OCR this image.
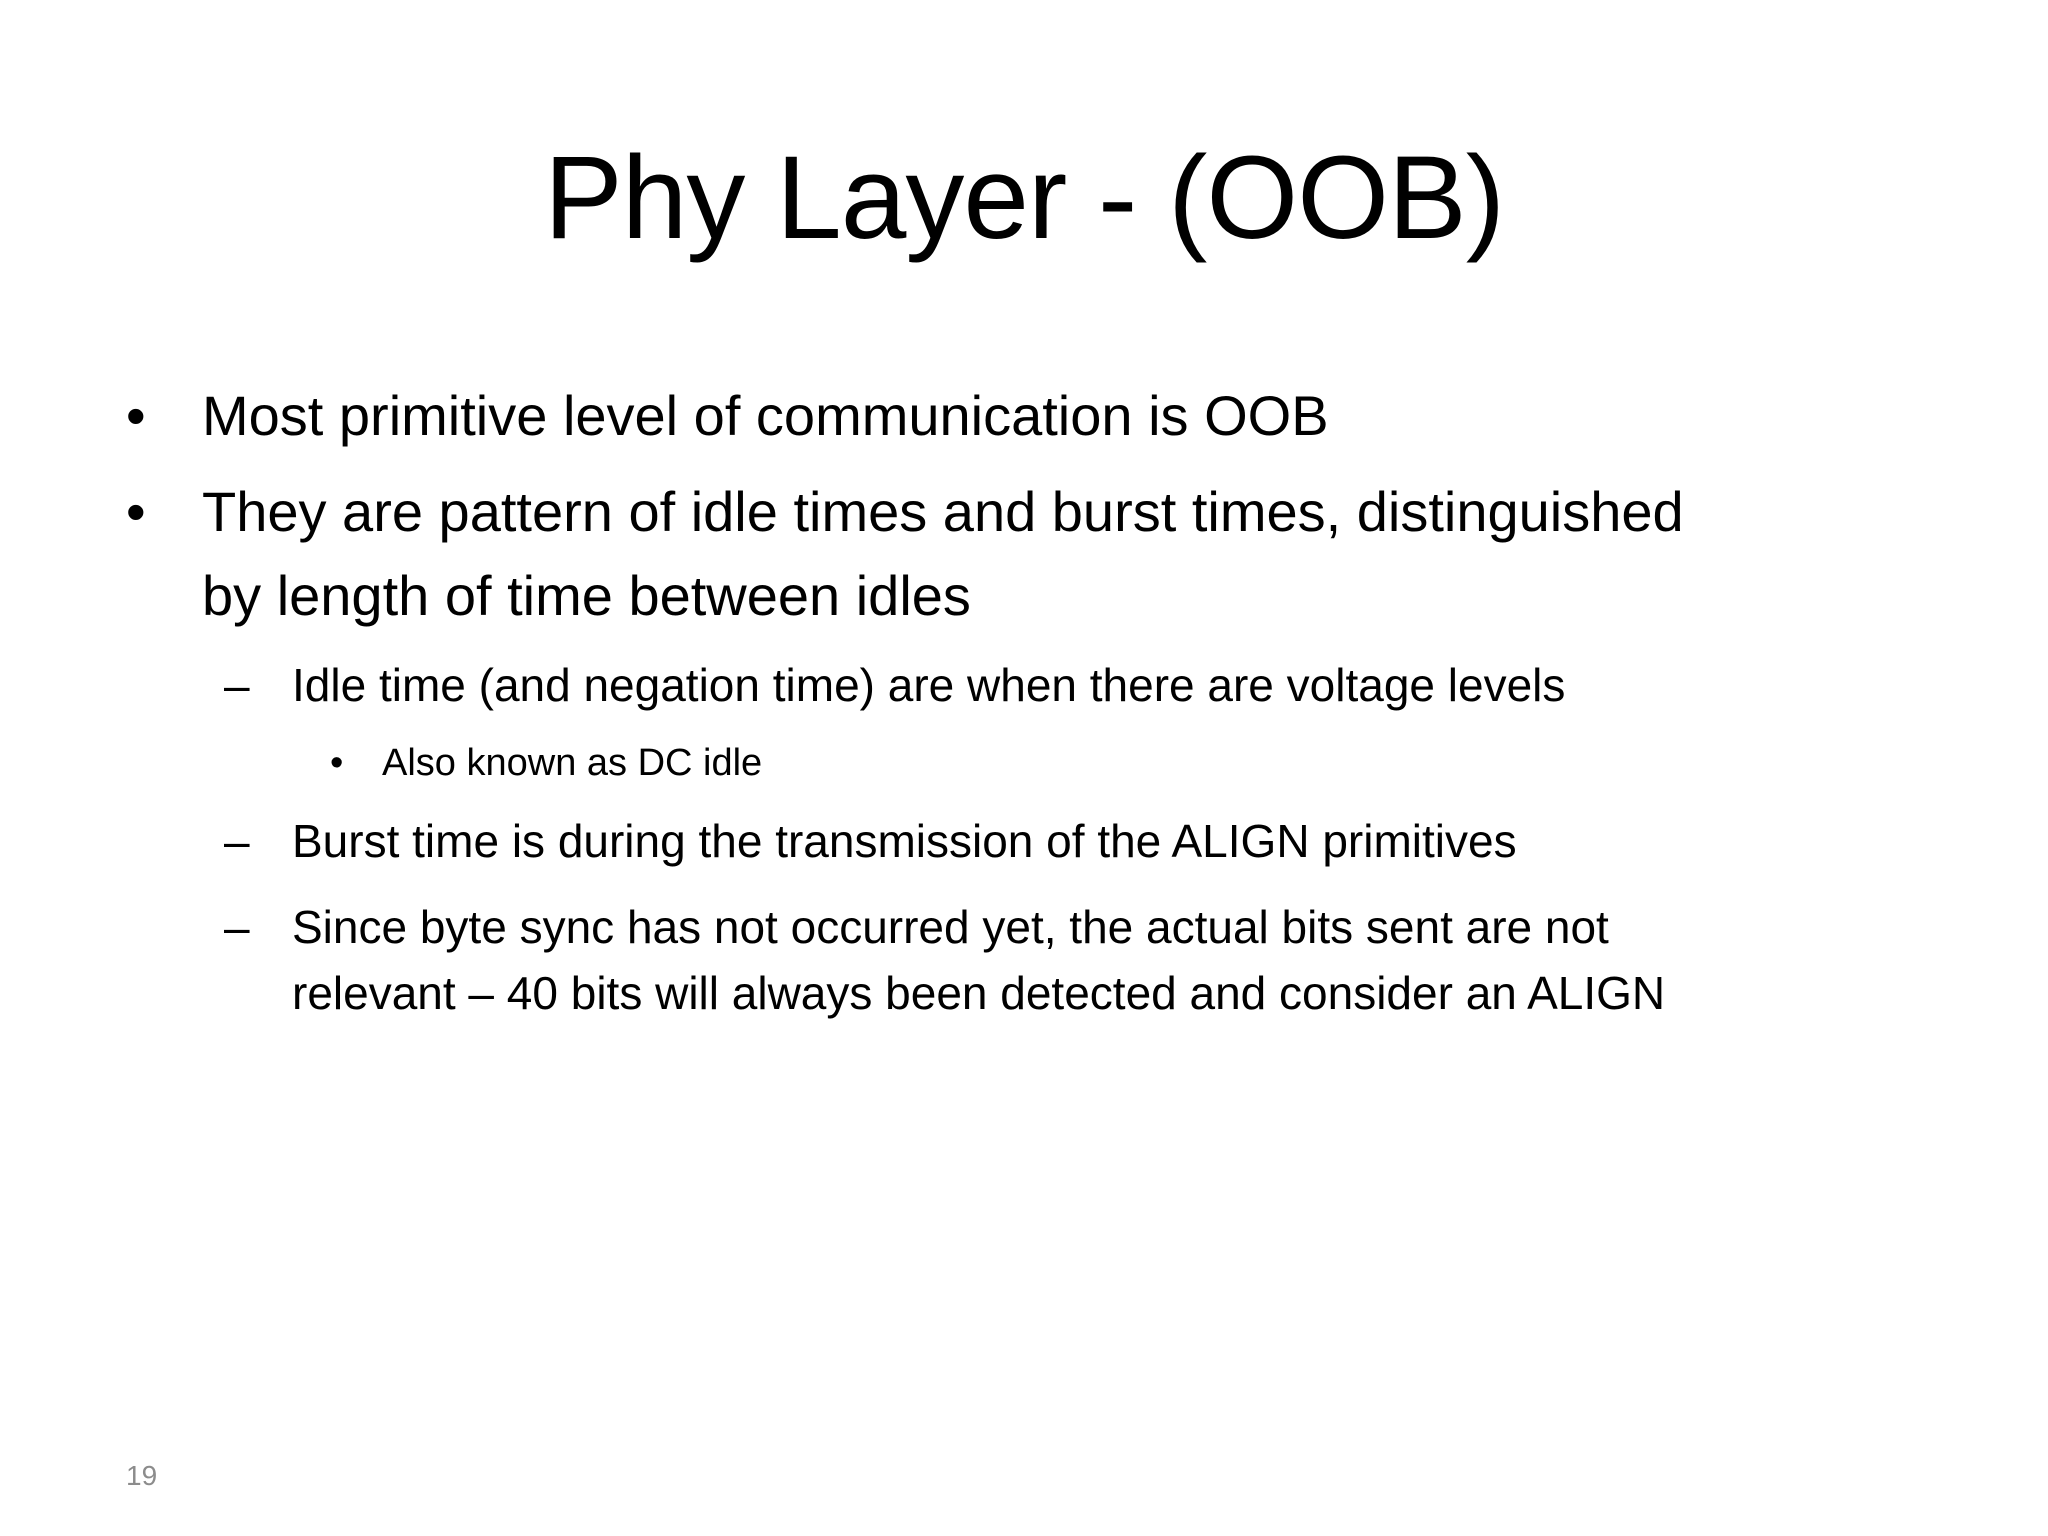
Phy Layer - (OOB)
• Most primitive level of communication is OOB
• They are pattern of idle times and burst times, distinguished
by length of time between idles
– Idle time (and negation time) are when there are voltage levels
• Also known as DC idle
– Burst time is during the transmission of the ALIGN primitives
– Since byte sync has not occurred yet, the actual bits sent are not
relevant – 40 bits will always been detected and consider an ALIGN
19
